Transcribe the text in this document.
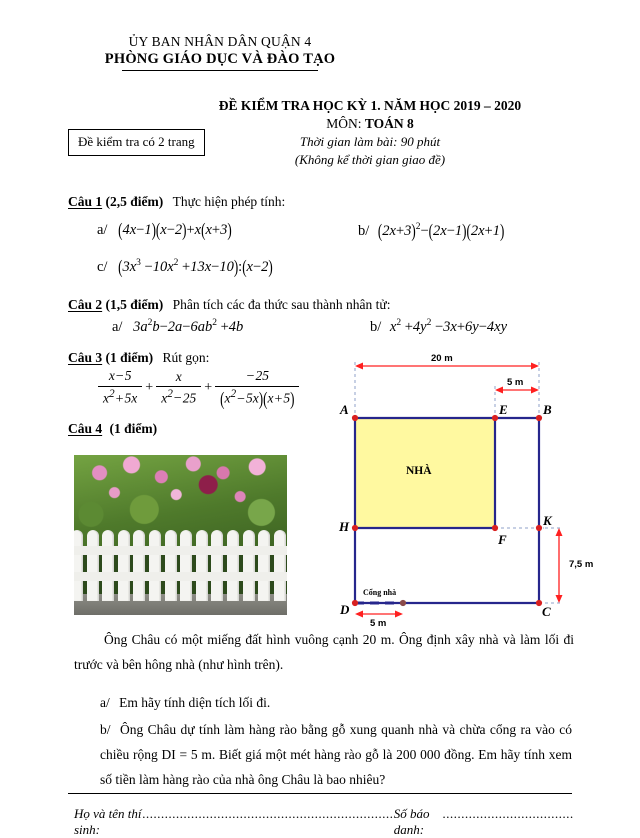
ỦY BAN NHÂN DÂN QUẬN 4
PHÒNG GIÁO DỤC VÀ ĐÀO TẠO
ĐỀ KIỂM TRA HỌC KỲ 1. NĂM HỌC 2019 – 2020
MÔN: TOÁN 8
Thời gian làm bài: 90 phút
(Không kể thời gian giao đề)
Đề kiểm tra có 2 trang
Câu 1 (2,5 điểm) Thực hiện phép tính:
a/ (4x−1)(x−2)+x(x+3)	b/ $(2x+3)^2-(2x-1)(2x+1)$
c/ ($3x^3 -10x^2$ +13x−10):(x−2)
Câu 2 (1,5 điểm) Phân tích các đa thức sau thành nhân tử:
a/ $3a^2b-2a-6ab^2 +4b$	b/ $x^2 +4y^2 -3x+6y-4xy$
Câu 3 (1 điểm) Rút gọn:
$\frac{x-5}{x^2+5x} + \frac{x}{x^2-25} + \frac{-25}{(x^2-5x)(x+5)}$
Câu 4 (1 điểm)
A	E	B
H
F
K
D	C
20 m
5 m
7,5 m
5 m
NHÀ
Cổng nhà
Ông Châu có một miếng đất hình vuông cạnh 20 m. Ông định xây nhà và làm lối đi trước và bên hông nhà (như hình trên).
a/ Em hãy tính diện tích lối đi.
b/ Ông Châu dự tính làm hàng rào bằng gỗ xung quanh nhà và chừa cổng ra vào có chiều rộng DI = 5 m. Biết giá một mét hàng rào gỗ là 200 000 đồng. Em hãy tính xem số tiền làm hàng rào của nhà ông Châu là bao nhiêu?
Họ và tên thí sinh:
................................................................... Số báo danh:
...................................
